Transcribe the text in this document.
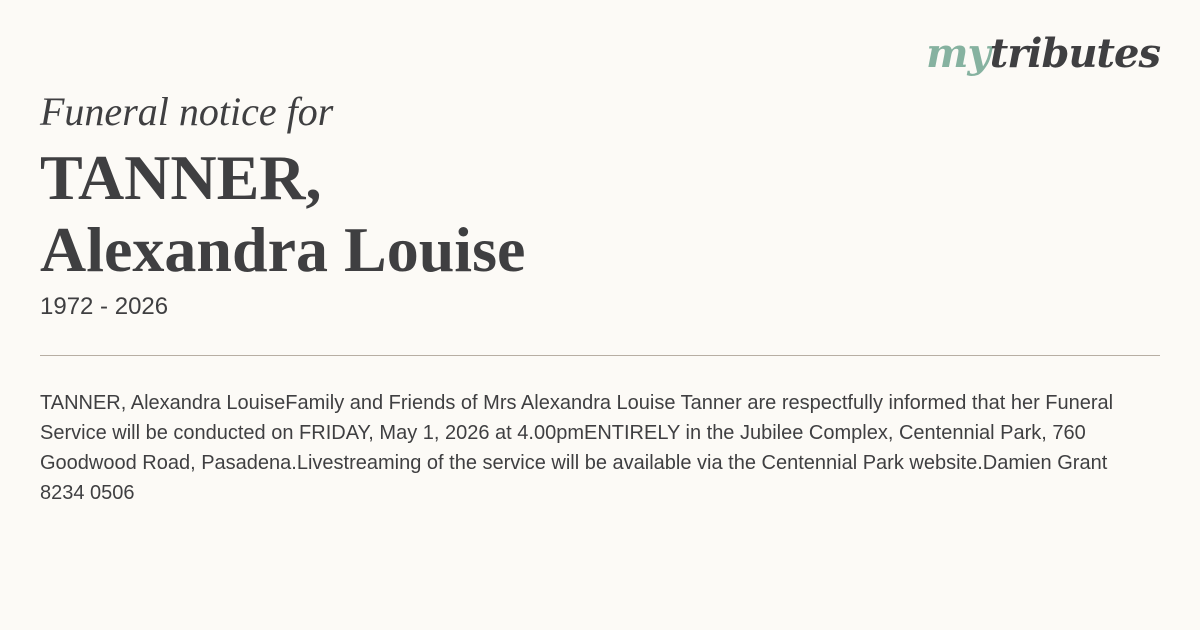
mytributes
Funeral notice for
TANNER,
Alexandra Louise
1972 - 2026
TANNER, Alexandra LouiseFamily and Friends of Mrs Alexandra Louise Tanner are respectfully informed that her Funeral Service will be conducted on FRIDAY, May 1, 2026 at 4.00pmENTIRELY in the Jubilee Complex, Centennial Park, 760 Goodwood Road, Pasadena.Livestreaming of the service will be available via the Centennial Park website.Damien Grant 8234 0506
